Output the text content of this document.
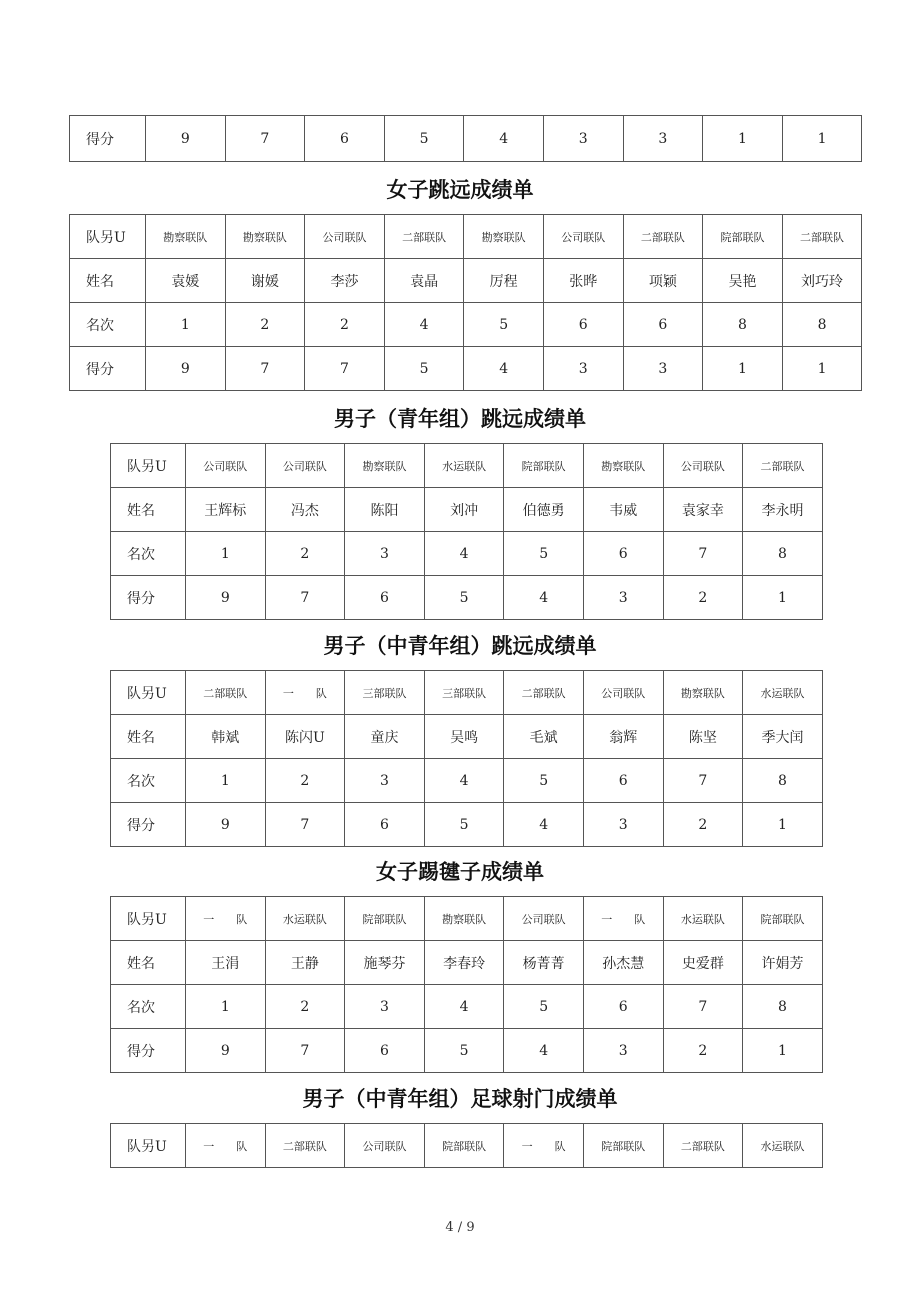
得分	9	7	6	5	4	3	3	1	1
女子跳远成绩单
队另U	勘察联队	勘察联队	公司联队	二部联队	勘察联队	公司联队	二部联队	院部联队	二部联队
姓名	袁媛	谢媛	李莎	袁晶	厉程	张晔	项颖	吴艳	刘巧玲
名次	1	2	2	4	5	6	6	8	8
得分	9	7	7	5	4	3	3	1	1
男子（青年组）跳远成绩单
队另U	公司联队	公司联队	勘察联队	水运联队	院部联队	勘察联队	公司联队	二部联队
姓名	王辉标	冯杰	陈阳	刘冲	伯德勇	韦威	袁家幸	李永明
名次	1	2	3	4	5	6	7	8
得分	9	7	6	5	4	3	2	1
男子（中青年组）跳远成绩单
队另U	二部联队	一　　队	三部联队	三部联队	二部联队	公司联队	勘察联队	水运联队
姓名	韩斌	陈闪U	童庆	吴鸣	毛斌	翁辉	陈坚	季大闰
名次	1	2	3	4	5	6	7	8
得分	9	7	6	5	4	3	2	1
女子踢毽子成绩单
队另U	一　　队	水运联队	院部联队	勘察联队	公司联队	一　　队	水运联队	院部联队
姓名	王涓	王静	施琴芬	李春玲	杨菁菁	孙杰慧	史爱群	许娟芳
名次	1	2	3	4	5	6	7	8
得分	9	7	6	5	4	3	2	1
男子（中青年组）足球射门成绩单
队另U	一　　队	二部联队	公司联队	院部联队	一　　队	院部联队	二部联队	水运联队
4 / 9
